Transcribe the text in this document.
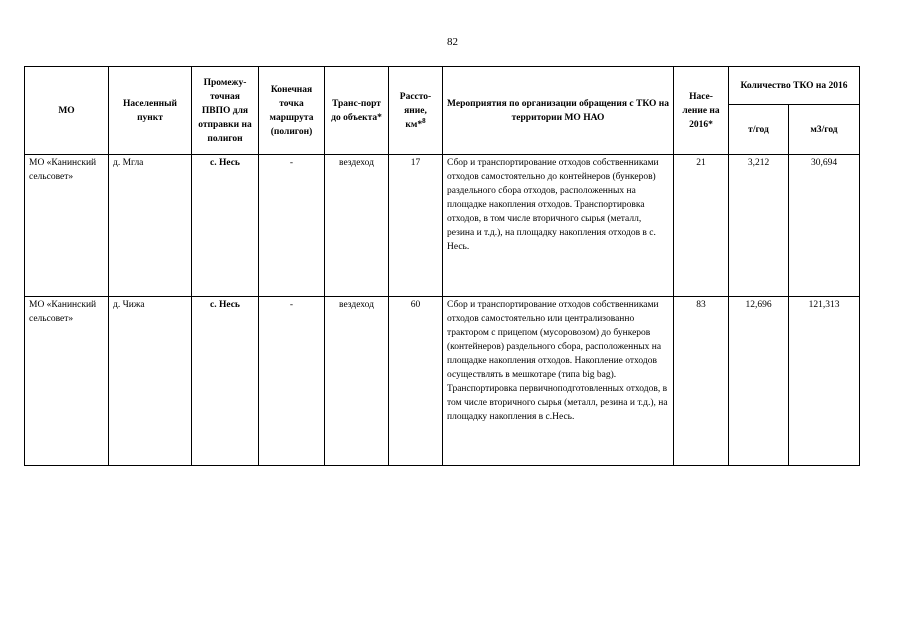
82
МО	Населенный пункт	Промежу-точная ПВПО для отправки на полигон	Конечная точка маршрута (полигон)	Транс-порт до объекта*	Рассто-яние, км*$^8$	Мероприятия по организации обращения с ТКО на территории МО НАО	Насе-ление на 2016*	Количество ТКО на 2016	
								т/год	м3/год
МО «Канинский сельсовет»	д. Мгла	с. Несь	-	вездеход	17	Сбор и транспортирование отходов собственниками отходов самостоятельно до контейнеров (бункеров) раздельного сбора отходов, расположенных на площадке накопления отходов. Транспортировка отходов, в том числе вторичного сырья (металл, резина и т.д.), на площадку накопления отходов в с. Несь.	21	3,212	30,694
МО «Канинский сельсовет»	д. Чижа	с. Несь	-	вездеход	60	Сбор и транспортирование отходов собственниками отходов самостоятельно или централизованно трактором с прицепом (мусоровозом) до бункеров (контейнеров) раздельного сбора, расположенных на площадке накопления отходов. Накопление отходов осуществлять в мешкотаре (типа big bag). Транспортировка первичноподготовленных отходов, в том числе вторичного сырья (металл, резина и т.д.), на площадку накопления в с.Несь.	83	12,696	121,313
